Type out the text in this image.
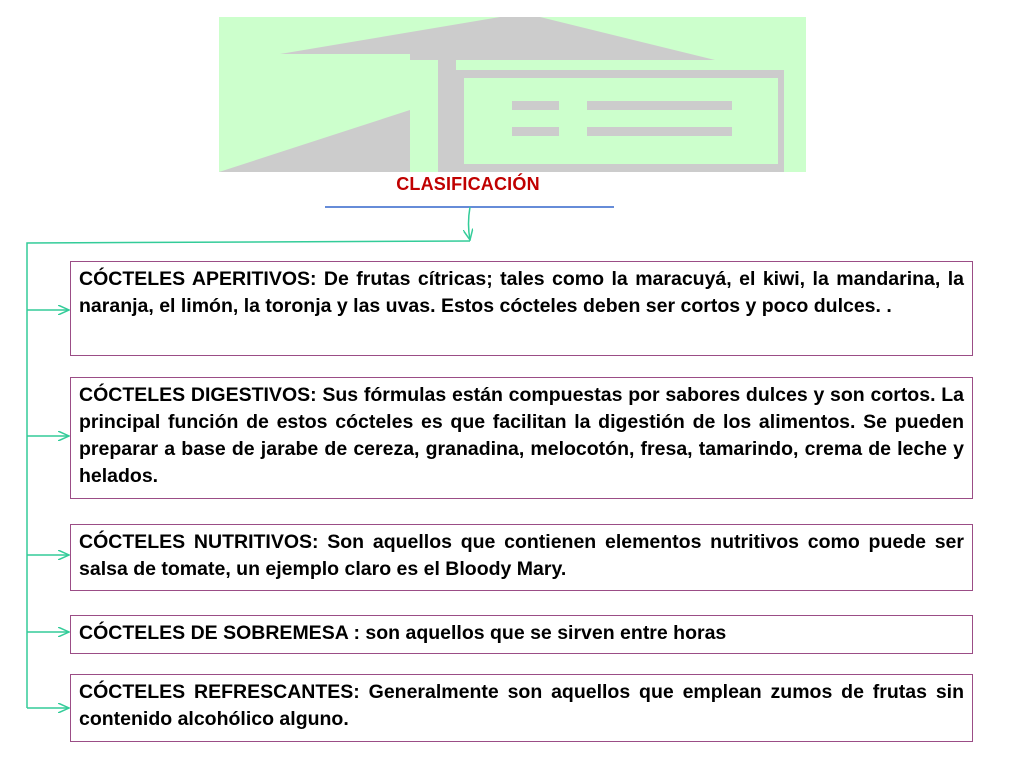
CLASIFICACIÓN
CÓCTELES APERITIVOS: De frutas cítricas; tales como la maracuyá, el kiwi, la mandarina, la naranja, el limón, la toronja y las uvas. Estos cócteles deben ser cortos y poco dulces. .
CÓCTELES DIGESTIVOS: Sus fórmulas están compuestas por sabores dulces y son cortos. La principal función de estos cócteles es que facilitan la digestión de los alimentos. Se pueden preparar a base de jarabe de cereza, granadina, melocotón, fresa, tamarindo, crema de leche y helados.
CÓCTELES NUTRITIVOS: Son aquellos que contienen elementos nutritivos como puede ser salsa de tomate, un ejemplo claro es el Bloody Mary.
CÓCTELES DE SOBREMESA : son aquellos que se sirven entre horas
CÓCTELES REFRESCANTES: Generalmente son aquellos que emplean zumos de frutas sin contenido alcohólico alguno.
